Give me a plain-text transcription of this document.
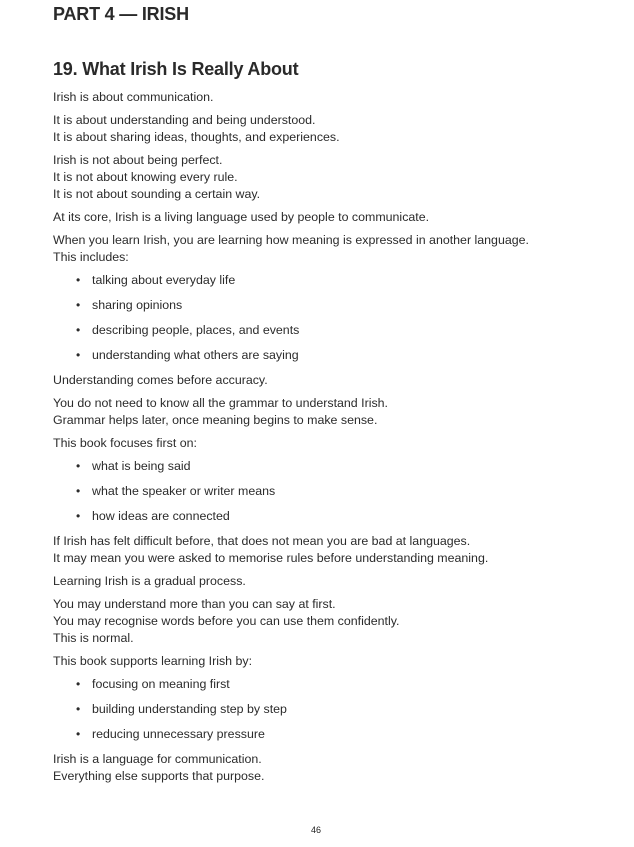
PART 4 — IRISH
19. What Irish Is Really About
Irish is about communication.
It is about understanding and being understood.
It is about sharing ideas, thoughts, and experiences.
Irish is not about being perfect.
It is not about knowing every rule.
It is not about sounding a certain way.
At its core, Irish is a living language used by people to communicate.
When you learn Irish, you are learning how meaning is expressed in another language.
This includes:
• talking about everyday life
• sharing opinions
• describing people, places, and events
• understanding what others are saying
Understanding comes before accuracy.
You do not need to know all the grammar to understand Irish.
Grammar helps later, once meaning begins to make sense.
This book focuses first on:
• what is being said
• what the speaker or writer means
• how ideas are connected
If Irish has felt difficult before, that does not mean you are bad at languages.
It may mean you were asked to memorise rules before understanding meaning.
Learning Irish is a gradual process.
You may understand more than you can say at first.
You may recognise words before you can use them confidently.
This is normal.
This book supports learning Irish by:
• focusing on meaning first
• building understanding step by step
• reducing unnecessary pressure
Irish is a language for communication.
Everything else supports that purpose.
46
